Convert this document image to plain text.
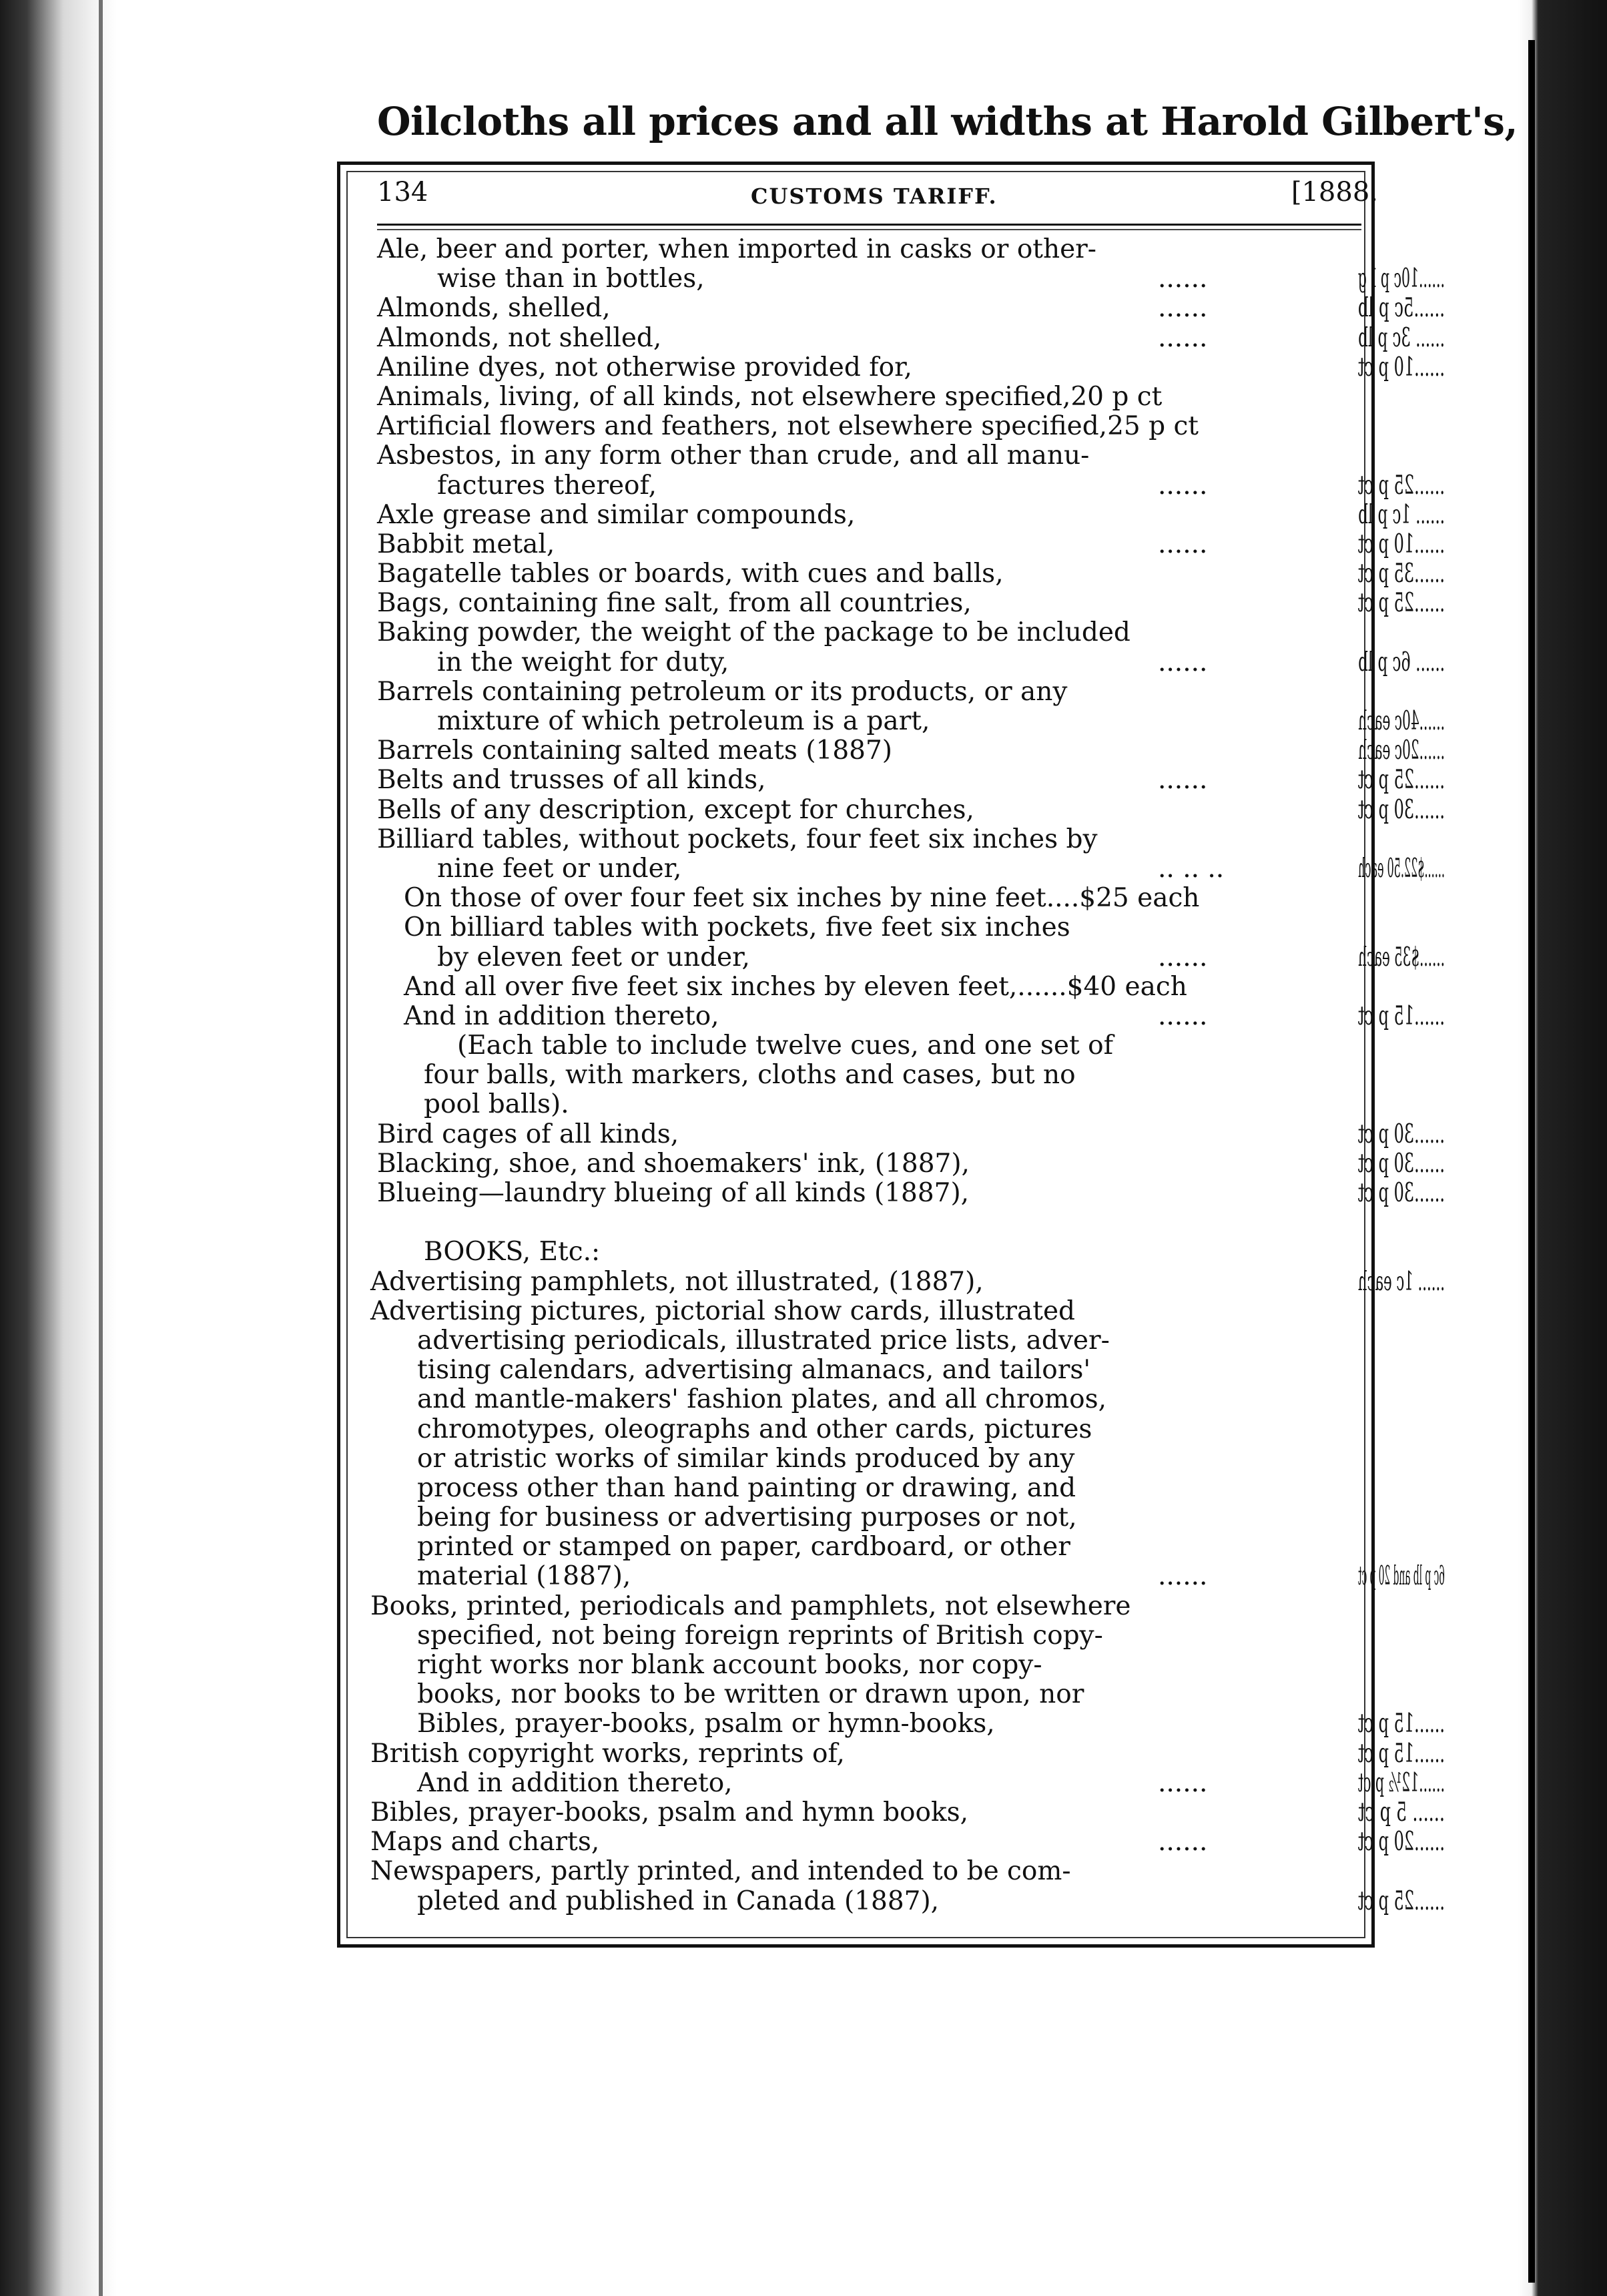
Oilcloths all prices and all widths at Harold Gilbert's,
134	CUSTOMS TARIFF.	[1888.
Ale, beer and porter, when imported in casks or other-
wise than in bottles,	......	......10c p I g
Almonds, shelled,	......	......5c p lb
Almonds, not shelled,	......	...... 3c p lb
Aniline dyes, not otherwise provided for,	......10 p ct
Animals, living, of all kinds, not elsewhere specified,20 p ct
Artificial flowers and feathers, not elsewhere specified,25 p ct
Asbestos, in any form other than crude, and all manu-
factures thereof,	......	......25 p ct
Axle grease and similar compounds,	...... 1c p lb
Babbit metal,	......	......10 p ct
Bagatelle tables or boards, with cues and balls,	......35 p ct
Bags, containing fine salt, from all countries,	......25 p ct
Baking powder, the weight of the package to be included
in the weight for duty,	......	...... 6c p lb
Barrels containing petroleum or its products, or any
mixture of which petroleum is a part,	......40c each
Barrels containing salted meats (1887)	......20c each
Belts and trusses of all kinds,	......	......25 p ct
Bells of any description, except for churches,	......30 p ct
Billiard tables, without pockets, four feet six inches by
nine feet or under,	.. .. ..	......$22.50 each
On those of over four feet six inches by nine feet....$25 each
On billiard tables with pockets, five feet six inches
by eleven feet or under,	......	......$35 each
And all over five feet six inches by eleven feet,......$40 each
And in addition thereto,	......	......15 p ct
(Each table to include twelve cues, and one set of
four balls, with markers, cloths and cases, but no
pool balls).
Bird cages of all kinds,	......30 p ct
Blacking, shoe, and shoemakers' ink, (1887),	......30 p ct
Blueing—laundry blueing of all kinds (1887),	......30 p ct
BOOKS, Etc.:
Advertising pamphlets, not illustrated, (1887),	...... 1c each
Advertising pictures, pictorial show cards, illustrated
advertising periodicals, illustrated price lists, adver-
tising calendars, advertising almanacs, and tailors'
and mantle-makers' fashion plates, and all chromos,
chromotypes, oleographs and other cards, pictures
or atristic works of similar kinds produced by any
process other than hand painting or drawing, and
being for business or advertising purposes or not,
printed or stamped on paper, cardboard, or other
material (1887),	......	6c p lb and 20 p ct
Books, printed, periodicals and pamphlets, not elsewhere
specified, not being foreign reprints of British copy-
right works nor blank account books, nor copy-
books, nor books to be written or drawn upon, nor
Bibles, prayer-books, psalm or hymn-books,	......15 p ct
British copyright works, reprints of,	......15 p ct
And in addition thereto,	......	......12½ p ct
Bibles, prayer-books, psalm and hymn books,	...... 5 p ct
Maps and charts,	......	......20 p ct
Newspapers, partly printed, and intended to be com-
pleted and published in Canada (1887),	......25 p ct
